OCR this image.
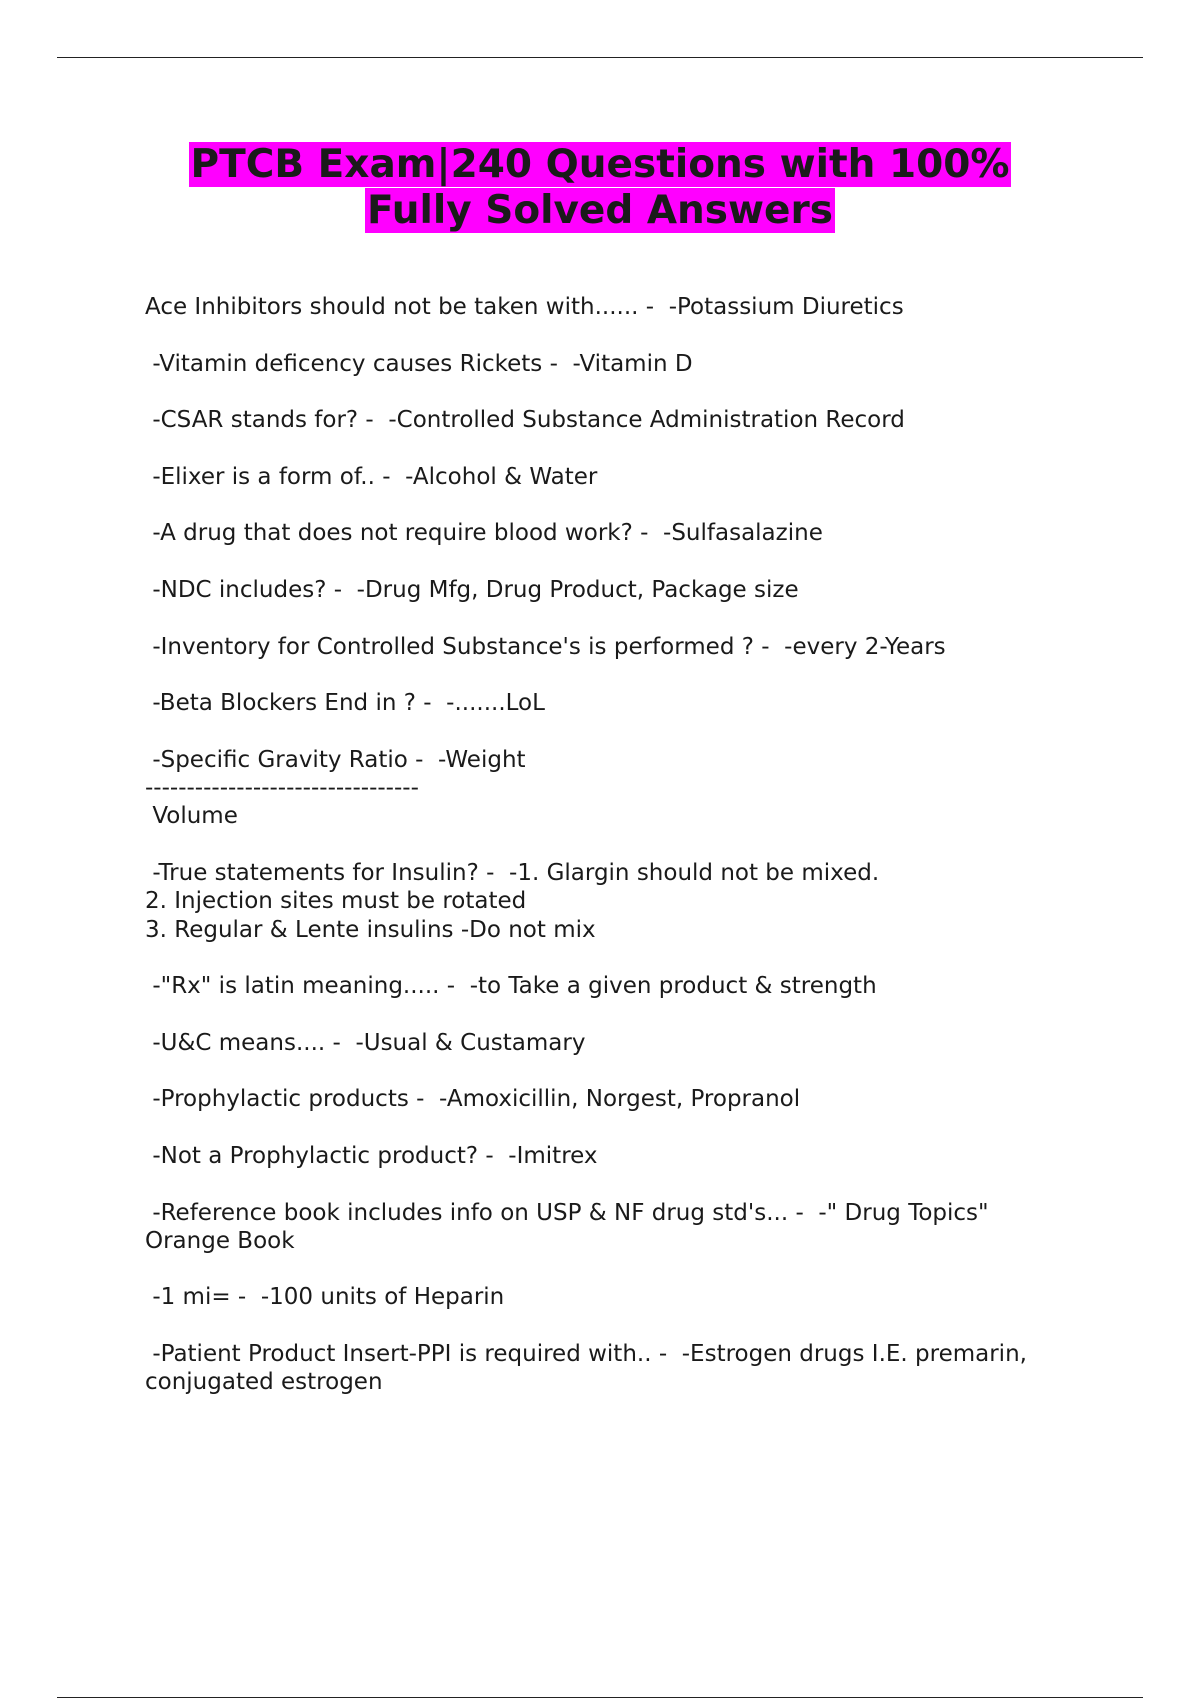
PTCB Exam|240 Questions with 100%
Fully Solved Answers
Ace Inhibitors should not be taken with...... -  -Potassium Diuretics
-Vitamin deficency causes Rickets -  -Vitamin D
-CSAR stands for? -  -Controlled Substance Administration Record
-Elixer is a form of.. -  -Alcohol & Water
-A drug that does not require blood work? -  -Sulfasalazine
-NDC includes? -  -Drug Mfg, Drug Product, Package size
-Inventory for Controlled Substance's is performed ? -  -every 2-Years
-Beta Blockers End in ? -  -.......LoL
-Specific Gravity Ratio -  -Weight
---------------------------------
Volume
-True statements for Insulin? -  -1. Glargin should not be mixed.
2. Injection sites must be rotated
3. Regular & Lente insulins -Do not mix
-"Rx" is latin meaning..... -  -to Take a given product & strength
-U&C means.... -  -Usual & Custamary
-Prophylactic products -  -Amoxicillin, Norgest, Propranol
-Not a Prophylactic product? -  -Imitrex
-Reference book includes info on USP & NF drug std's... -  -" Drug Topics"
Orange Book
-1 mi= -  -100 units of Heparin
-Patient Product Insert-PPI is required with.. -  -Estrogen drugs I.E. premarin,
conjugated estrogen
